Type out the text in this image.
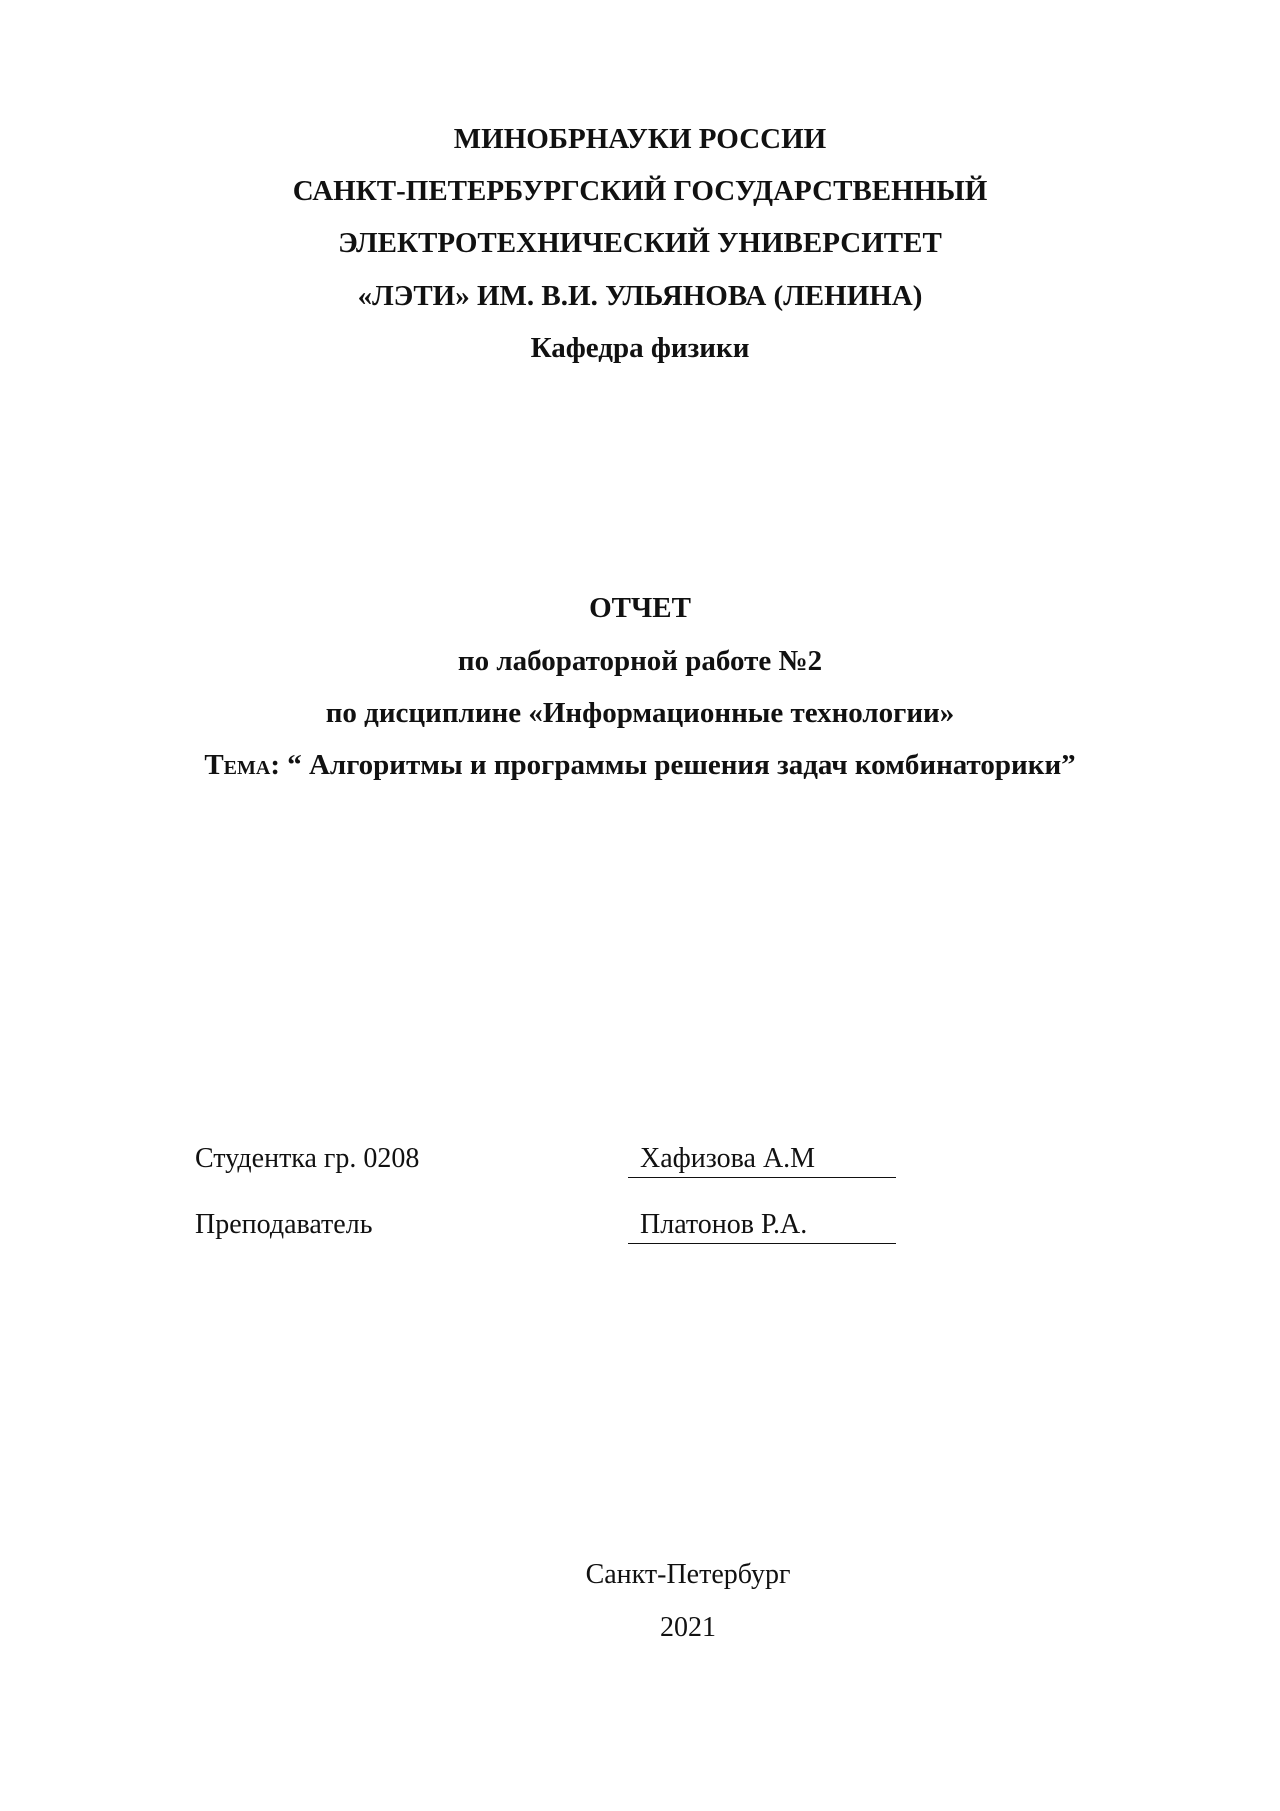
МИНОБРНАУКИ РОССИИ
САНКТ-ПЕТЕРБУРГСКИЙ ГОСУДАРСТВЕННЫЙ
ЭЛЕКТРОТЕХНИЧЕСКИЙ УНИВЕРСИТЕТ
«ЛЭТИ» ИМ. В.И. УЛЬЯНОВА (ЛЕНИНА)
Кафедра физики
ОТЧЕТ
по лабораторной работе №2
по дисциплине «Информационные технологии»
Тема: “ Алгоритмы и программы решения задач комбинаторики”
Студентка гр. 0208	Хафизова А.М
Преподаватель	Платонов Р.А.
Санкт-Петербург
2021
